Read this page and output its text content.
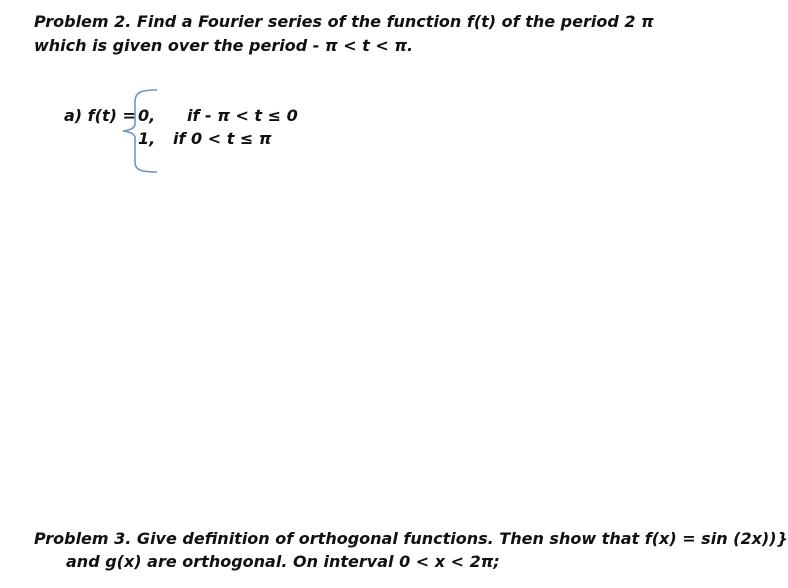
Problem 2. Find a Fourier series of the function f(t) of the period 2 π
which is given over the period - π < t < π.
a) f(t) = 0, if - π < t ≤ 0
1, if 0 < t ≤ π
Problem 3. Give definition of orthogonal functions. Then show that f(x) = sin (2x))}
and g(x) are orthogonal. On interval 0 < x < 2π;
